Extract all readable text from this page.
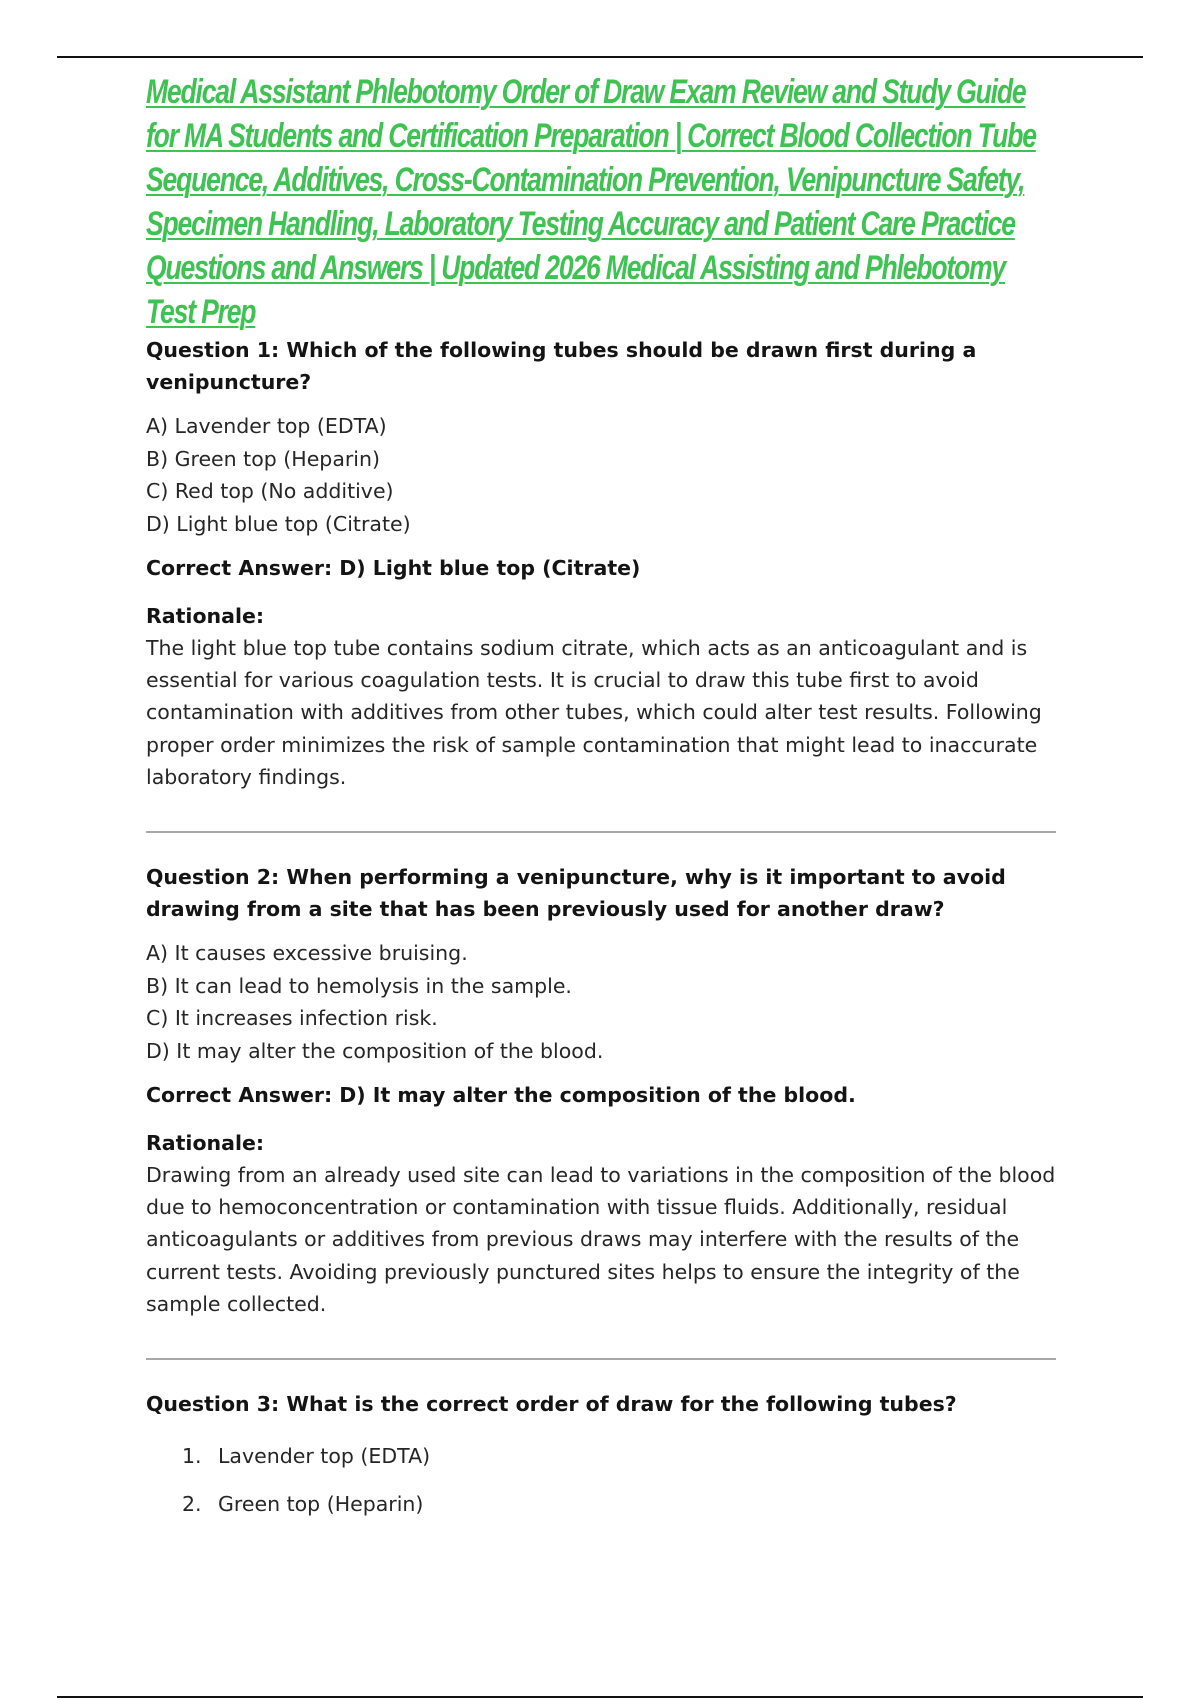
Medical Assistant Phlebotomy Order of Draw Exam Review and Study Guide for MA Students and Certification Preparation | Correct Blood Collection Tube Sequence, Additives, Cross-Contamination Prevention, Venipuncture Safety, Specimen Handling, Laboratory Testing Accuracy and Patient Care Practice Questions and Answers | Updated 2026 Medical Assisting and Phlebotomy Test Prep

Question 1: Which of the following tubes should be drawn first during a venipuncture?

A) Lavender top (EDTA)
B) Green top (Heparin)
C) Red top (No additive)
D) Light blue top (Citrate)

Correct Answer: D) Light blue top (Citrate)

Rationale:

The light blue top tube contains sodium citrate, which acts as an anticoagulant and is essential for various coagulation tests. It is crucial to draw this tube first to avoid contamination with additives from other tubes, which could alter test results. Following proper order minimizes the risk of sample contamination that might lead to inaccurate laboratory findings.

Question 2: When performing a venipuncture, why is it important to avoid drawing from a site that has been previously used for another draw?

A) It causes excessive bruising.
B) It can lead to hemolysis in the sample.
C) It increases infection risk.
D) It may alter the composition of the blood.

Correct Answer: D) It may alter the composition of the blood.

Rationale:

Drawing from an already used site can lead to variations in the composition of the blood due to hemoconcentration or contamination with tissue fluids. Additionally, residual anticoagulants or additives from previous draws may interfere with the results of the current tests. Avoiding previously punctured sites helps to ensure the integrity of the sample collected.

Question 3: What is the correct order of draw for the following tubes?

1. Lavender top (EDTA)
2. Green top (Heparin)
